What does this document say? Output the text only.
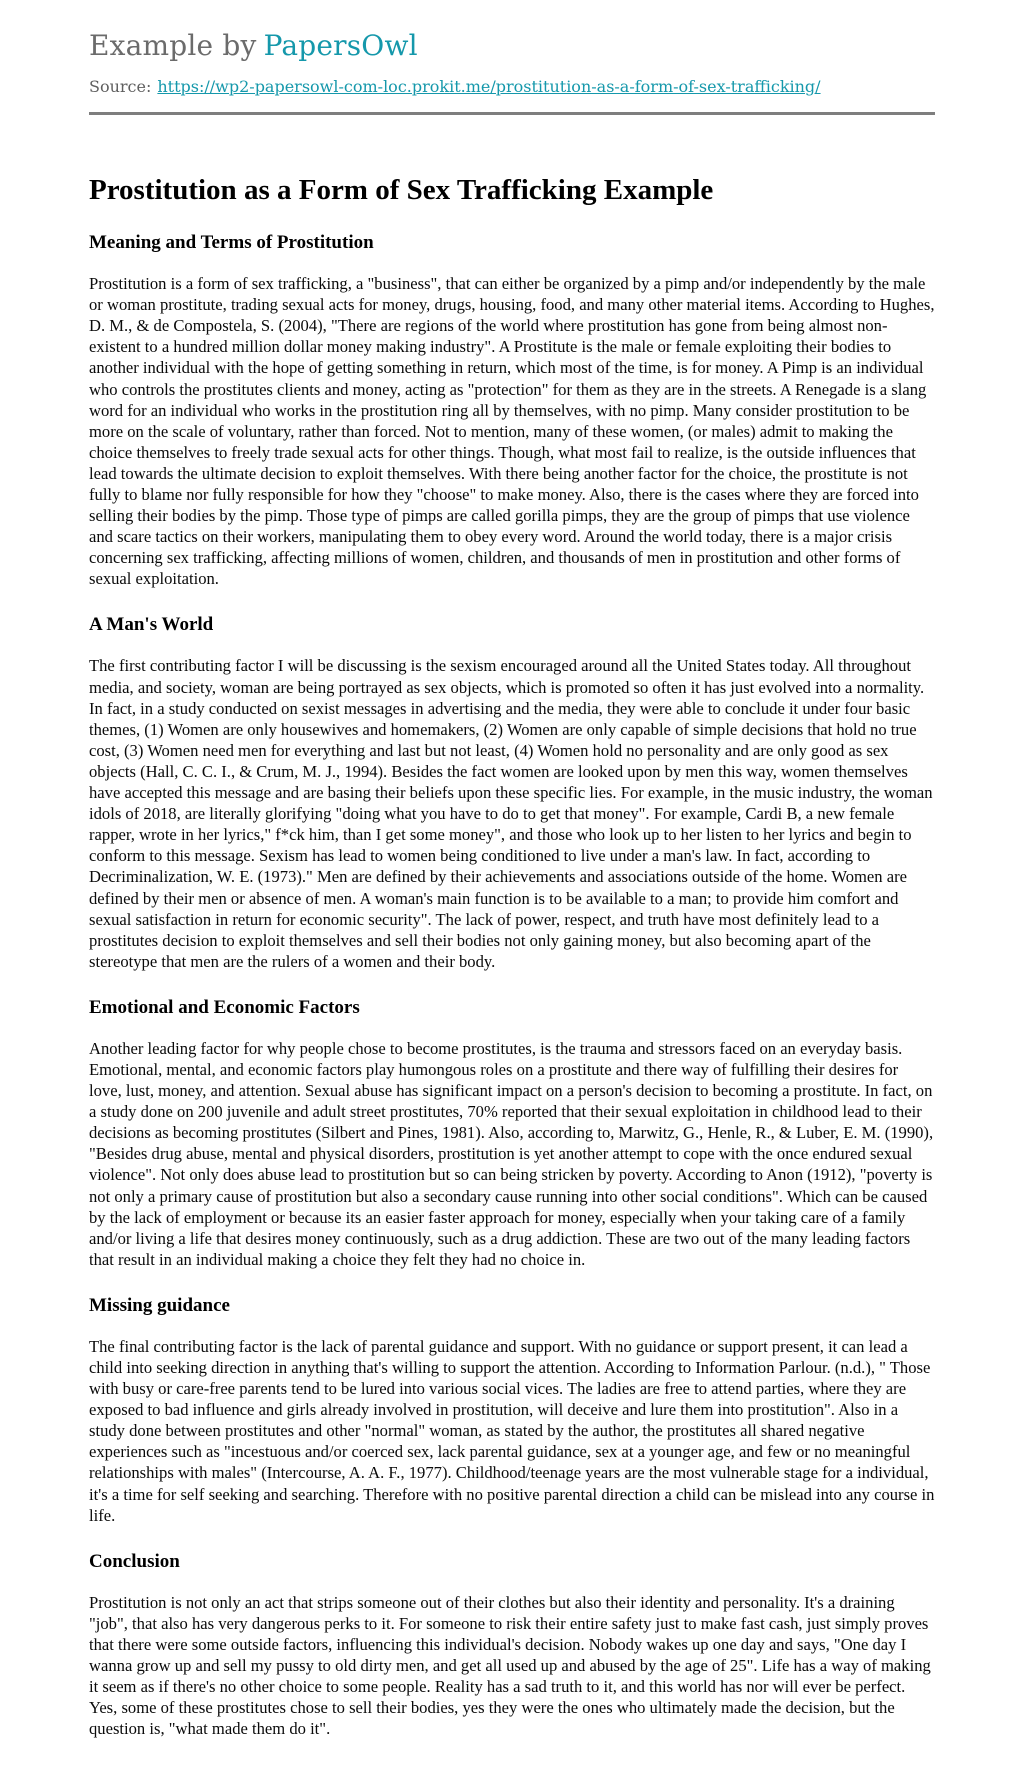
Example by PapersOwl
Source: https://wp2-papersowl-com-loc.prokit.me/prostitution-as-a-form-of-sex-trafficking/
Prostitution as a Form of Sex Trafficking Example
Meaning and Terms of Prostitution

Prostitution is a form of sex trafficking, a "business", that can either be organized by a pimp and/or independently by the male or woman prostitute, trading sexual acts for money, drugs, housing, food, and many other material items. According to Hughes, D. M., & de Compostela, S. (2004), "There are regions of the world where prostitution has gone from being almost non-existent to a hundred million dollar money making industry". A Prostitute is the male or female exploiting their bodies to another individual with the hope of getting something in return, which most of the time, is for money. A Pimp is an individual who controls the prostitutes clients and money, acting as "protection" for them as they are in the streets. A Renegade is a slang word for an individual who works in the prostitution ring all by themselves, with no pimp. Many consider prostitution to be more on the scale of voluntary, rather than forced. Not to mention, many of these women, (or males) admit to making the choice themselves to freely trade sexual acts for other things. Though, what most fail to realize, is the outside influences that lead towards the ultimate decision to exploit themselves. With there being another factor for the choice, the prostitute is not fully to blame nor fully responsible for how they "choose" to make money. Also, there is the cases where they are forced into selling their bodies by the pimp. Those type of pimps are called gorilla pimps, they are the group of pimps that use violence and scare tactics on their workers, manipulating them to obey every word. Around the world today, there is a major crisis concerning sex trafficking, affecting millions of women, children, and thousands of men in prostitution and other forms of sexual exploitation.

A Man's World

The first contributing factor I will be discussing is the sexism encouraged around all the United States today. All throughout media, and society, woman are being portrayed as sex objects, which is promoted so often it has just evolved into a normality. In fact, in a study conducted on sexist messages in advertising and the media, they were able to conclude it under four basic themes, (1) Women are only housewives and homemakers, (2) Women are only capable of simple decisions that hold no true cost, (3) Women need men for everything and last but not least, (4) Women hold no personality and are only good as sex objects (Hall, C. C. I., & Crum, M. J., 1994). Besides the fact women are looked upon by men this way, women themselves have accepted this message and are basing their beliefs upon these specific lies. For example, in the music industry, the woman idols of 2018, are literally glorifying "doing what you have to do to get that money". For example, Cardi B, a new female rapper, wrote in her lyrics," f*ck him, than I get some money", and those who look up to her listen to her lyrics and begin to conform to this message. Sexism has lead to women being conditioned to live under a man's law. In fact, according to Decriminalization, W. E. (1973)." Men are defined by their achievements and associations outside of the home. Women are defined by their men or absence of men. A woman's main function is to be available to a man; to provide him comfort and sexual satisfaction in return for economic security". The lack of power, respect, and truth have most definitely lead to a prostitutes decision to exploit themselves and sell their bodies not only gaining money, but also becoming apart of the stereotype that men are the rulers of a women and their body.

Emotional and Economic Factors

Another leading factor for why people chose to become prostitutes, is the trauma and stressors faced on an everyday basis. Emotional, mental, and economic factors play humongous roles on a prostitute and there way of fulfilling their desires for love, lust, money, and attention. Sexual abuse has significant impact on a person's decision to becoming a prostitute. In fact, on a study done on 200 juvenile and adult street prostitutes, 70% reported that their sexual exploitation in childhood lead to their decisions as becoming prostitutes (Silbert and Pines, 1981). Also, according to, Marwitz, G., Henle, R., & Luber, E. M. (1990), "Besides drug abuse, mental and physical disorders, prostitution is yet another attempt to cope with the once endured sexual violence". Not only does abuse lead to prostitution but so can being stricken by poverty. According to Anon (1912), "poverty is not only a primary cause of prostitution but also a secondary cause running into other social conditions". Which can be caused by the lack of employment or because its an easier faster approach for money, especially when your taking care of a family and/or living a life that desires money continuously, such as a drug addiction. These are two out of the many leading factors that result in an individual making a choice they felt they had no choice in.

Missing guidance

The final contributing factor is the lack of parental guidance and support. With no guidance or support present, it can lead a child into seeking direction in anything that's willing to support the attention. According to Information Parlour. (n.d.), " Those with busy or care-free parents tend to be lured into various social vices. The ladies are free to attend parties, where they are exposed to bad influence and girls already involved in prostitution, will deceive and lure them into prostitution". Also in a study done between prostitutes and other "normal" woman, as stated by the author, the prostitutes all shared negative experiences such as "incestuous and/or coerced sex, lack parental guidance, sex at a younger age, and few or no meaningful relationships with males" (Intercourse, A. A. F., 1977). Childhood/teenage years are the most vulnerable stage for a individual, it's a time for self seeking and searching. Therefore with no positive parental direction a child can be mislead into any course in life.

Conclusion

Prostitution is not only an act that strips someone out of their clothes but also their identity and personality. It's a draining "job", that also has very dangerous perks to it. For someone to risk their entire safety just to make fast cash, just simply proves that there were some outside factors, influencing this individual's decision. Nobody wakes up one day and says, "One day I wanna grow up and sell my pussy to old dirty men, and get all used up and abused by the age of 25". Life has a way of making it seem as if there's no other choice to some people. Reality has a sad truth to it, and this world has nor will ever be perfect. Yes, some of these prostitutes chose to sell their bodies, yes they were the ones who ultimately made the decision, but the question is, "what made them do it".
